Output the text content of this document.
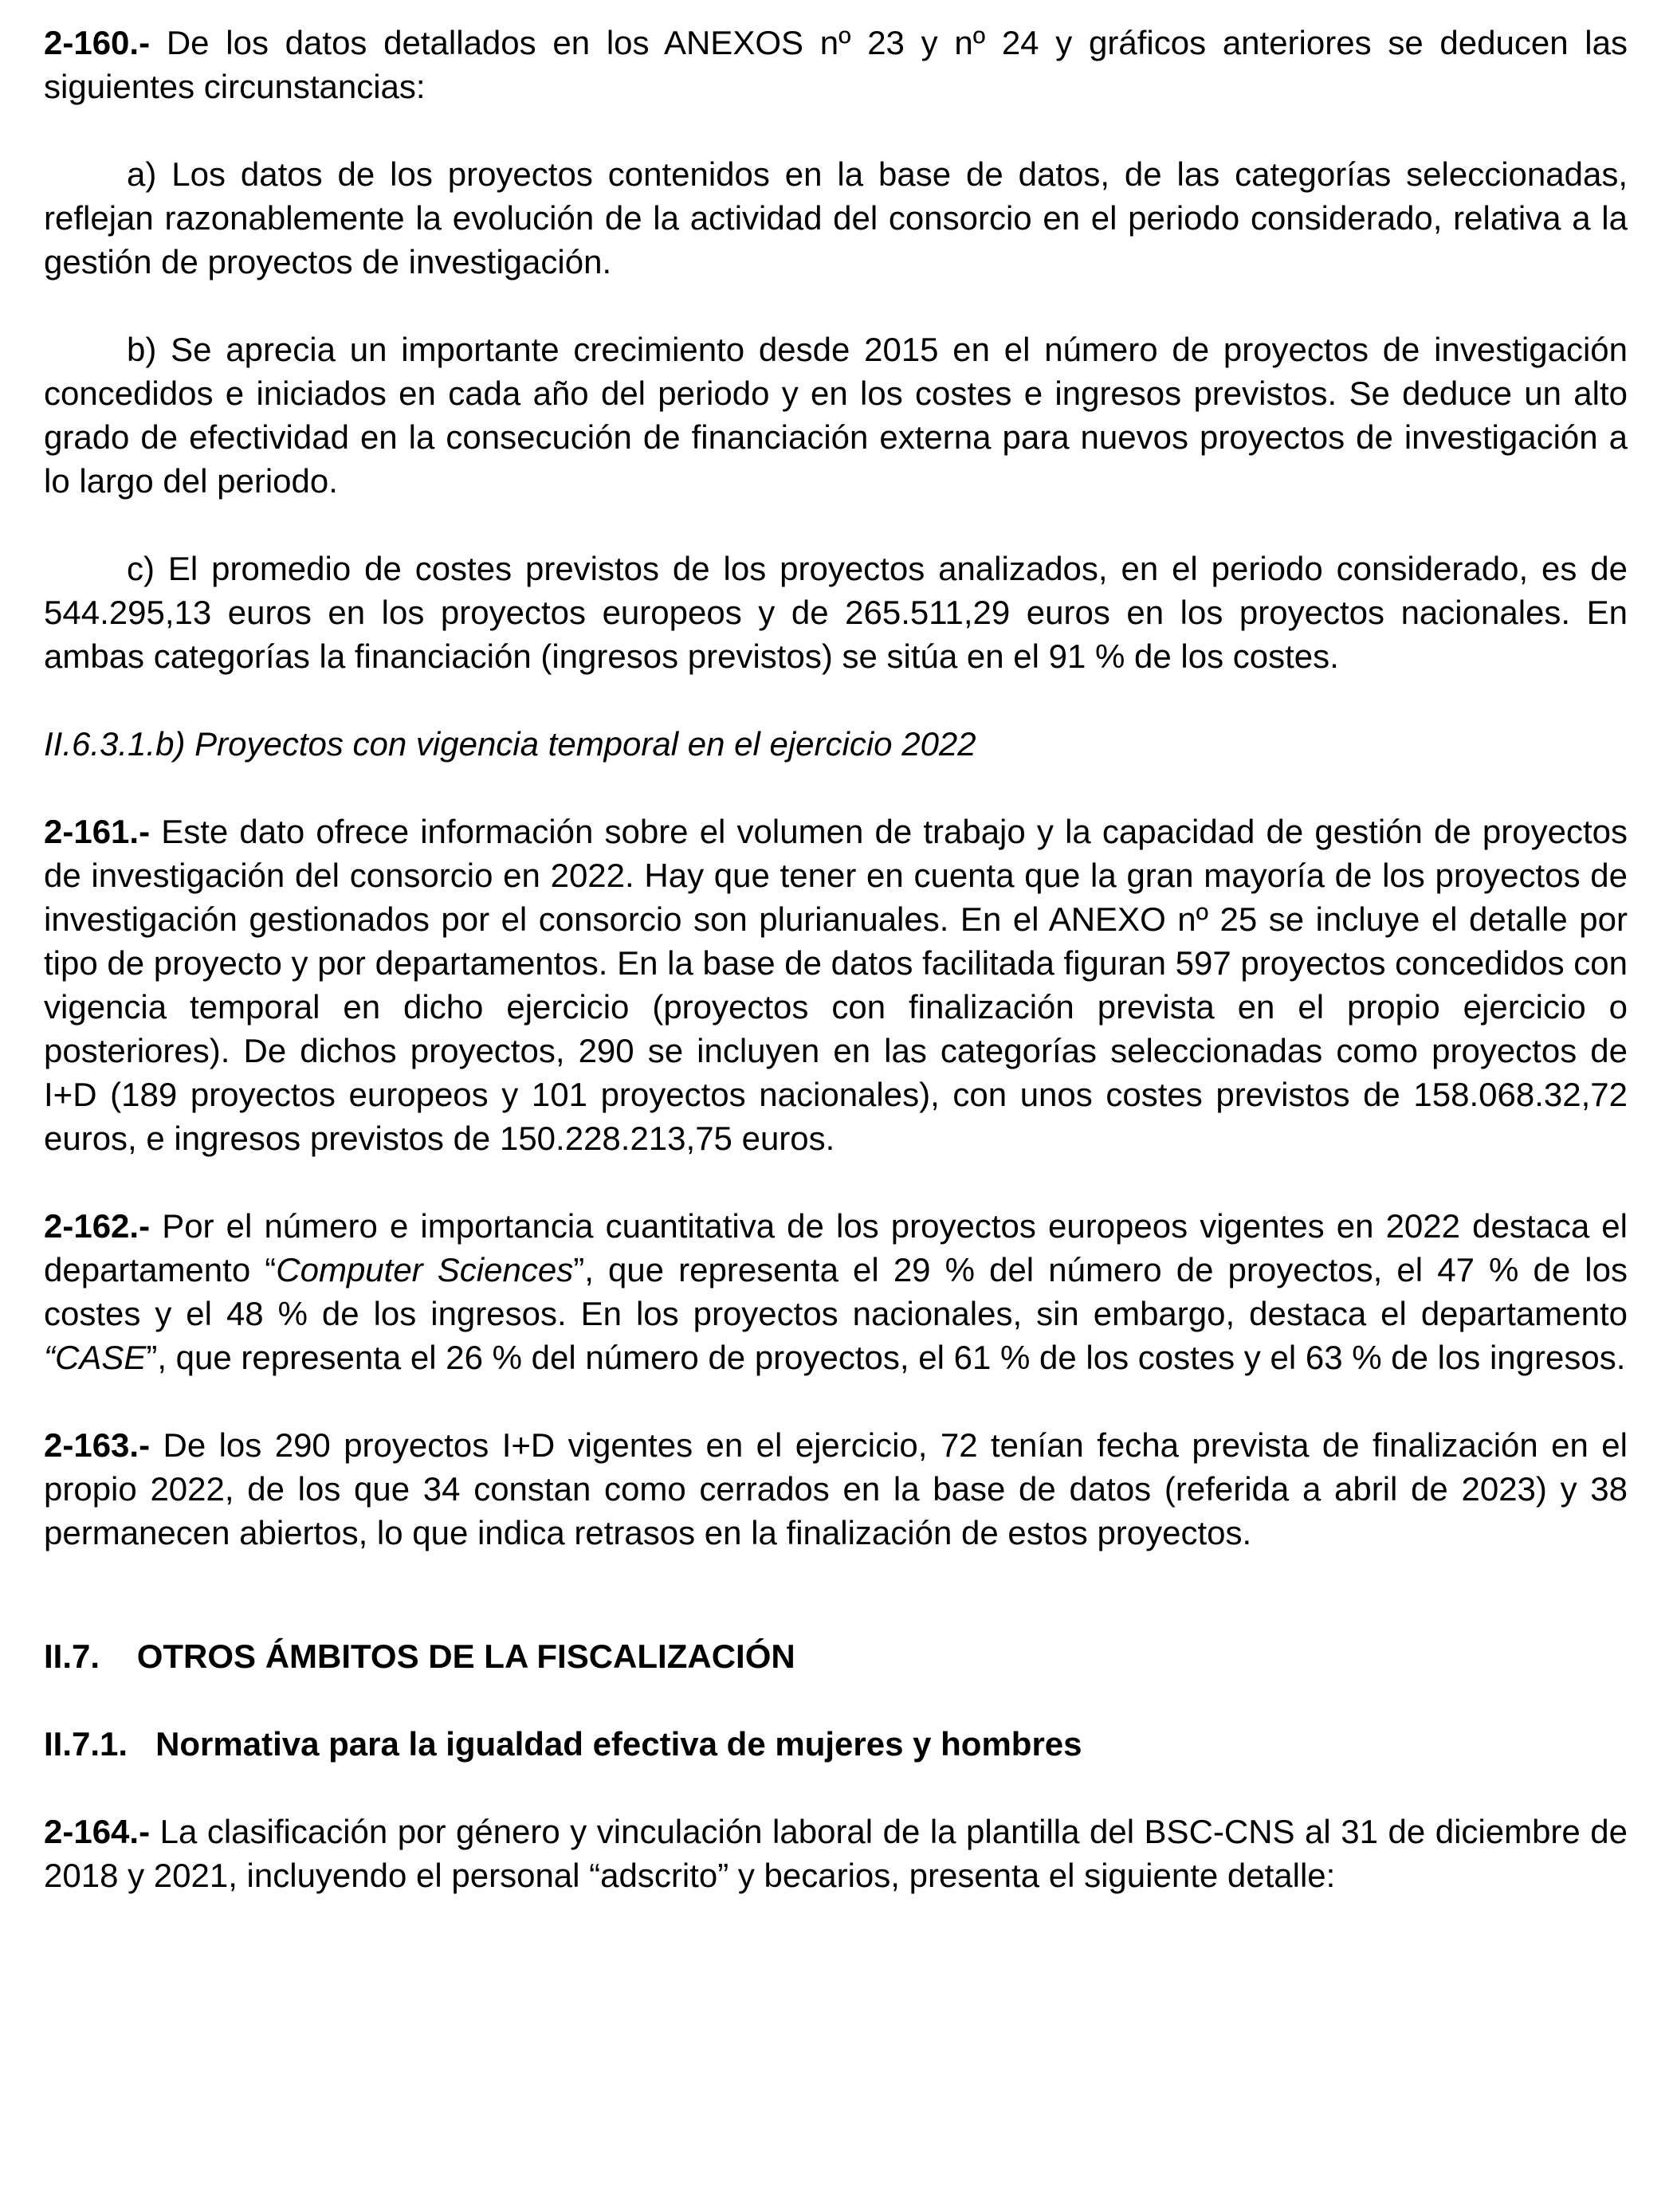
2-160.- De los datos detallados en los ANEXOS nº 23 y nº 24 y gráficos anteriores se deducen las siguientes circunstancias:

a) Los datos de los proyectos contenidos en la base de datos, de las categorías seleccionadas, reflejan razonablemente la evolución de la actividad del consorcio en el periodo considerado, relativa a la gestión de proyectos de investigación.

b) Se aprecia un importante crecimiento desde 2015 en el número de proyectos de investigación concedidos e iniciados en cada año del periodo y en los costes e ingresos previstos. Se deduce un alto grado de efectividad en la consecución de financiación externa para nuevos proyectos de investigación a lo largo del periodo.

c) El promedio de costes previstos de los proyectos analizados, en el periodo considerado, es de 544.295,13 euros en los proyectos europeos y de 265.511,29 euros en los proyectos nacionales. En ambas categorías la financiación (ingresos previstos) se sitúa en el 91 % de los costes.

II.6.3.1.b) Proyectos con vigencia temporal en el ejercicio 2022

2-161.- Este dato ofrece información sobre el volumen de trabajo y la capacidad de gestión de proyectos de investigación del consorcio en 2022. Hay que tener en cuenta que la gran mayoría de los proyectos de investigación gestionados por el consorcio son plurianuales. En el ANEXO nº 25 se incluye el detalle por tipo de proyecto y por departamentos. En la base de datos facilitada figuran 597 proyectos concedidos con vigencia temporal en dicho ejercicio (proyectos con finalización prevista en el propio ejercicio o posteriores). De dichos proyectos, 290 se incluyen en las categorías seleccionadas como proyectos de I+D (189 proyectos europeos y 101 proyectos nacionales), con unos costes previstos de 158.068.32,72 euros, e ingresos previstos de 150.228.213,75 euros.

2-162.- Por el número e importancia cuantitativa de los proyectos europeos vigentes en 2022 destaca el departamento “Computer Sciences”, que representa el 29 % del número de proyectos, el 47 % de los costes y el 48 % de los ingresos. En los proyectos nacionales, sin embargo, destaca el departamento “CASE”, que representa el 26 % del número de proyectos, el 61 % de los costes y el 63 % de los ingresos.

2-163.- De los 290 proyectos I+D vigentes en el ejercicio, 72 tenían fecha prevista de finalización en el propio 2022, de los que 34 constan como cerrados en la base de datos (referida a abril de 2023) y 38 permanecen abiertos, lo que indica retrasos en la finalización de estos proyectos.

II.7.    OTROS ÁMBITOS DE LA FISCALIZACIÓN

II.7.1.   Normativa para la igualdad efectiva de mujeres y hombres

2-164.- La clasificación por género y vinculación laboral de la plantilla del BSC-CNS al 31 de diciembre de 2018 y 2021, incluyendo el personal “adscrito” y becarios, presenta el siguiente detalle:
